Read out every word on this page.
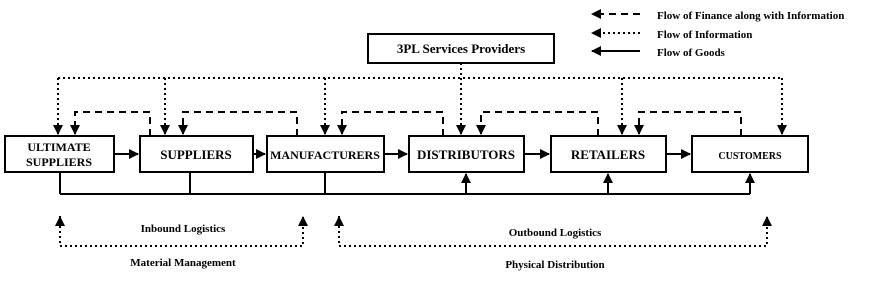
Flow of Finance along with Information
Flow of Information
Flow of Goods
3PL Services Providers
ULTIMATE
SUPPLIERS	SUPPLIERS	MANUFACTURERS	DISTRIBUTORS	RETAILERS	CUSTOMERS
Inbound Logistics
Material Management
Outbound Logistics
Physical Distribution
